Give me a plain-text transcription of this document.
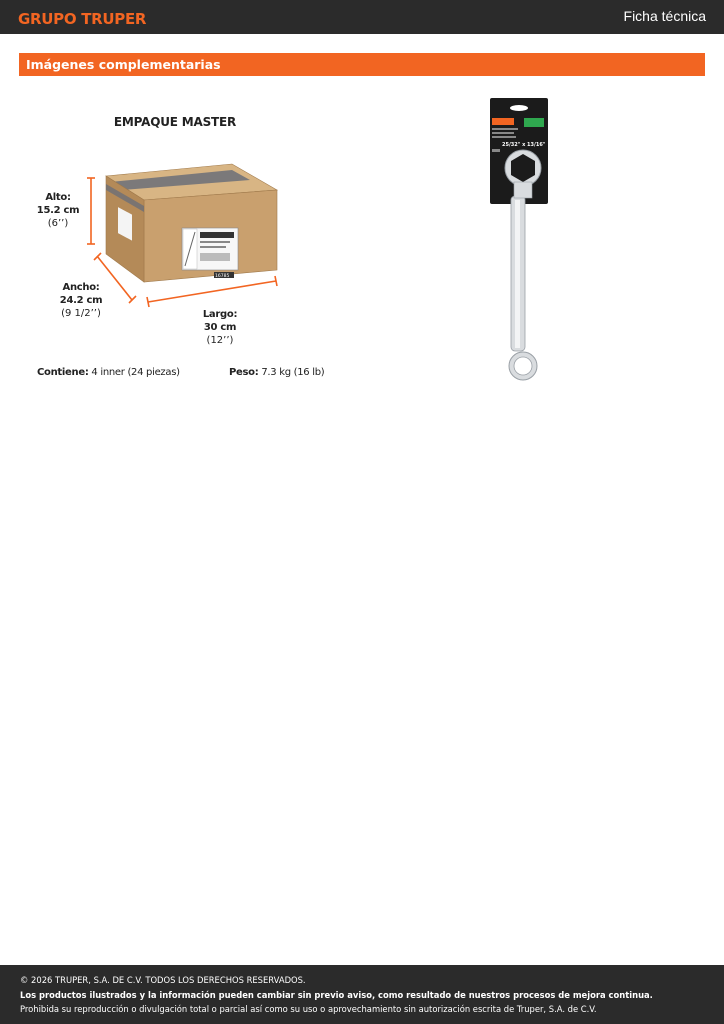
GRUPO TRUPER	Ficha técnica
Imágenes complementarias
EMPAQUE MASTER
16785
Alto:
15.2 cm
(6’’)
Ancho:
24.2 cm
(9 1/2’’)	Largo:
30 cm
(12’’)
Contiene: 4 inner (24 piezas)	Peso: 7.3 kg (16 lb)
25/32" x 13/16"
© 2026 TRUPER, S.A. DE C.V. TODOS LOS DERECHOS RESERVADOS.
Los productos ilustrados y la información pueden cambiar sin previo aviso, como resultado de nuestros procesos de mejora continua.
Prohibida su reproducción o divulgación total o parcial así como su uso o aprovechamiento sin autorización escrita de Truper, S.A. de C.V.
